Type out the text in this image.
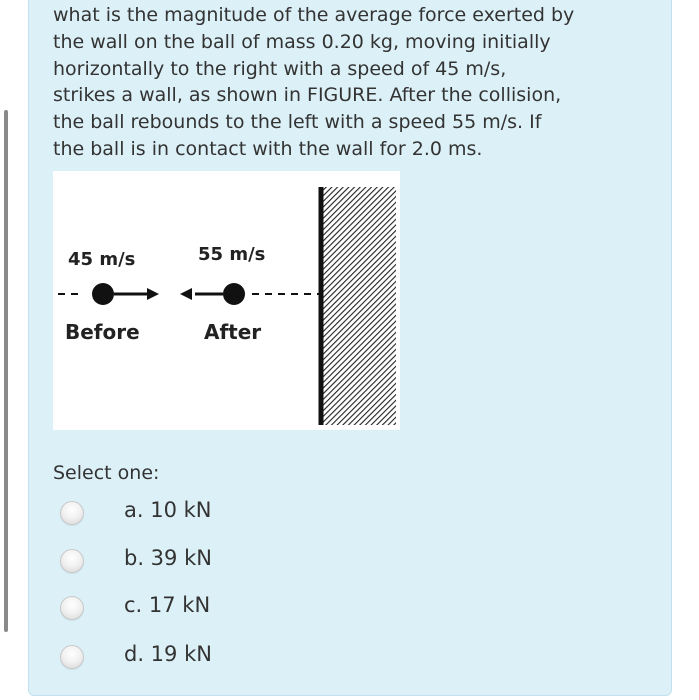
what is the magnitude of the average force exerted by
the wall on the ball of mass 0.20 kg, moving initially
horizontally to the right with a speed of 45 m/s,
strikes a wall, as shown in FIGURE. After the collision,
the ball rebounds to the left with a speed 55 m/s. If
the ball is in contact with the wall for 2.0 ms.
45 m/s	55 m/s
Before	After
Select one:
a. 10 kN
b. 39 kN
c. 17 kN
d. 19 kN
